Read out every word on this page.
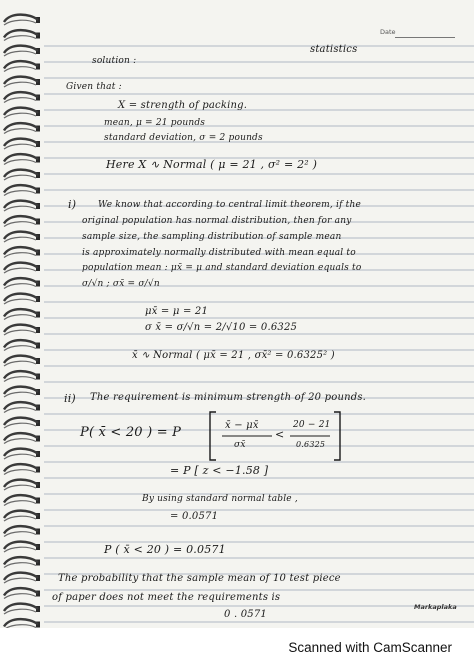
Date
statistics
solution :
Given that :
X = strength of packing.
mean, μ = 21 pounds
standard deviation, σ = 2 pounds
Here X ∿ Normal ( μ = 21 , σ² = 2² )
i) We know that according to central limit theorem, if the
original population has normal distribution, then for any
sample size, the sampling distribution of sample mean
is approximately normally distributed with mean equal to
population mean : μx̄ = μ and standard deviation equals to
σ/√n ; σx̄ = σ/√n
μx̄ = μ = 21
σ x̄ = σ/√n = 2/√10 = 0.6325
x̄ ∿ Normal ( μx̄ = 21 , σx̄² = 0.6325² )
ii) The requirement is minimum strength of 20 pounds.
P( x̄ < 20 ) = P	x̄ − μx̄
σx̄
<
20 − 21
0.6325
= P [ z < −1.58 ]
By using standard normal table ,
= 0.0571
P ( x̄ < 20 ) = 0.0571
The probability that the sample mean of 10 test piece
of paper does not meet the requirements is
0 . 0571
Markaplaka
Scanned with CamScanner
